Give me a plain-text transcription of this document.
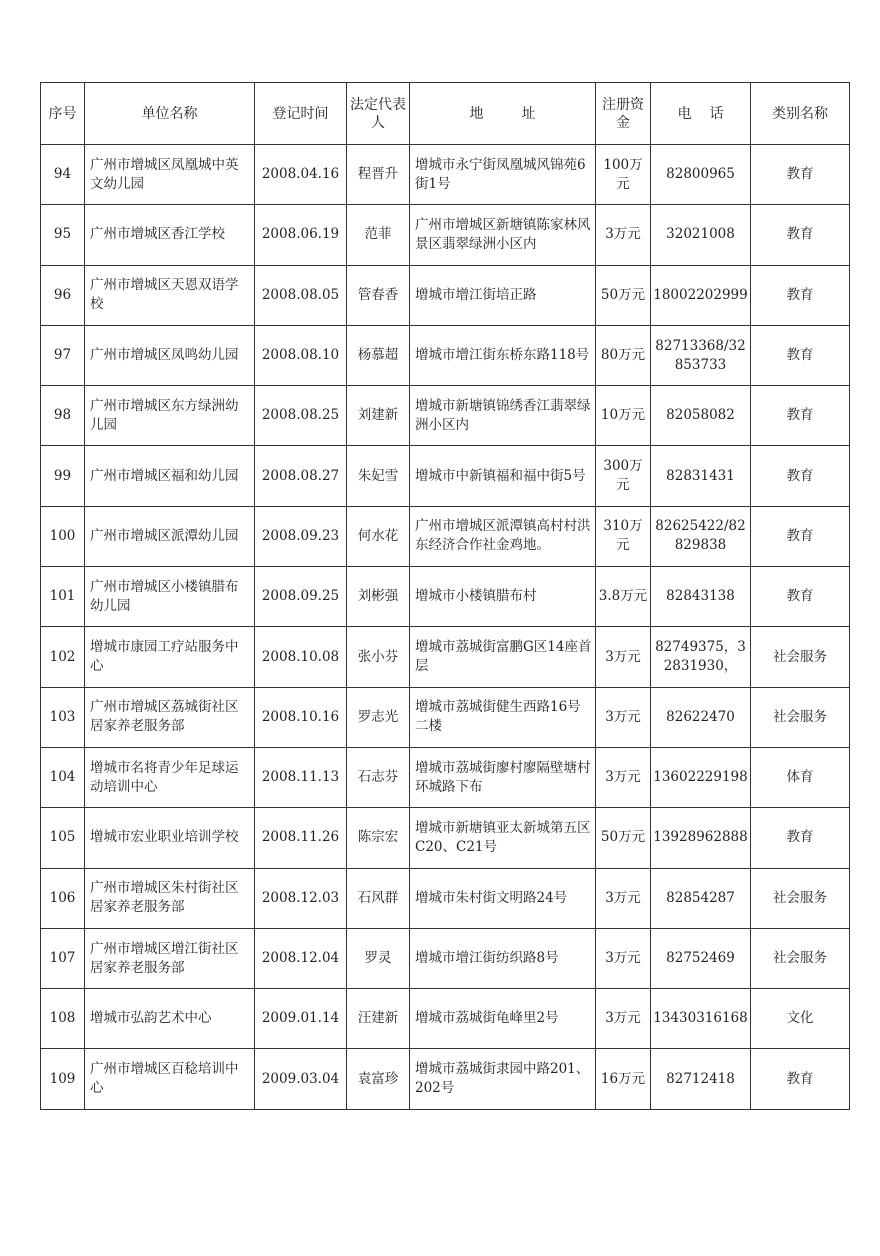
序号	单位名称	登记时间	法定代表人	地 址	注册资金	电 话	类别名称
94	广州市增城区凤凰城中英文幼儿园	2008.04.16	程晋升	增城市永宁街凤凰城风锦苑6街1号	100万元	82800965	教育
95	广州市增城区香江学校	2008.06.19	范菲	广州市增城区新塘镇陈家林风景区翡翠绿洲小区内	3万元	32021008	教育
96	广州市增城区天恩双语学校	2008.08.05	管春香	增城市增江街培正路	50万元	18002202999	教育
97	广州市增城区凤鸣幼儿园	2008.08.10	杨慕超	增城市增江街东桥东路118号	80万元	82713368/32853733	教育
98	广州市增城区东方绿洲幼儿园	2008.08.25	刘建新	增城市新塘镇锦绣香江翡翠绿洲小区内	10万元	82058082	教育
99	广州市增城区福和幼儿园	2008.08.27	朱妃雪	增城市中新镇福和福中街5号	300万元	82831431	教育
100	广州市增城区派潭幼儿园	2008.09.23	何水花	广州市增城区派潭镇高村村洪东经济合作社金鸡地。	310万元	82625422/82829838	教育
101	广州市增城区小楼镇腊布幼儿园	2008.09.25	刘彬强	增城市小楼镇腊布村	3.8万元	82843138	教育
102	增城市康园工疗站服务中心	2008.10.08	张小芬	增城市荔城街富鹏G区14座首层	3万元	82749375，32831930，	社会服务
103	广州市增城区荔城街社区居家养老服务部	2008.10.16	罗志光	增城市荔城街健生西路16号二楼	3万元	82622470	社会服务
104	增城市名将青少年足球运动培训中心	2008.11.13	石志芬	增城市荔城街廖村廖隔壁塘村环城路下布	3万元	13602229198	体育
105	增城市宏业职业培训学校	2008.11.26	陈宗宏	增城市新塘镇亚太新城第五区C20、C21号	50万元	13928962888	教育
106	广州市增城区朱村街社区居家养老服务部	2008.12.03	石风群	增城市朱村街文明路24号	3万元	82854287	社会服务
107	广州市增城区增江街社区居家养老服务部	2008.12.04	罗灵	增城市增江街纺织路8号	3万元	82752469	社会服务
108	增城市弘韵艺术中心	2009.01.14	汪建新	增城市荔城街龟峰里2号	3万元	13430316168	文化
109	广州市增城区百稔培训中心	2009.03.04	袁富珍	增城市荔城街隶园中路201、202号	16万元	82712418	教育
